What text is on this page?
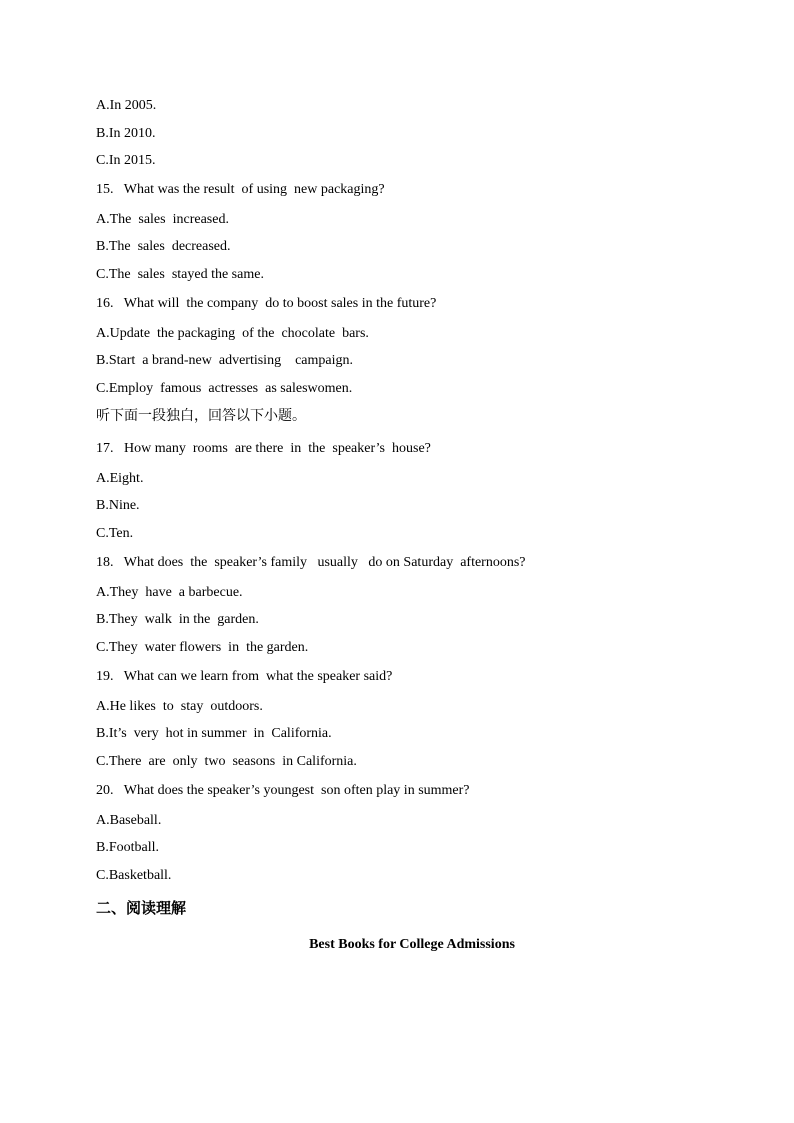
A.In 2005.
B.In 2010.
C.In 2015.
15.   What was the result  of using  new packaging?
A.The  sales  increased.
B.The  sales  decreased.
C.The  sales  stayed the same.
16.   What will  the company  do to boost sales in the future?
A.Update  the packaging  of the  chocolate  bars.
B.Start  a brand-new  advertising    campaign.
C.Employ  famous  actresses  as saleswomen.
听下面一段独白，回答以下小题。
17.   How many  rooms  are there  in  the  speaker’s  house?
A.Eight.
B.Nine.
C.Ten.
18.   What does  the  speaker’s family   usually   do on Saturday  afternoons?
A.They  have  a barbecue.
B.They  walk  in the  garden.
C.They  water flowers  in  the garden.
19.   What can we learn from  what the speaker said?
A.He likes  to  stay  outdoors.
B.It’s  very  hot in summer  in  California.
C.There  are  only  two  seasons  in California.
20.   What does the speaker’s youngest  son often play in summer?
A.Baseball.
B.Football.
C.Basketball.
二、阅读理解
Best Books for College Admissions
